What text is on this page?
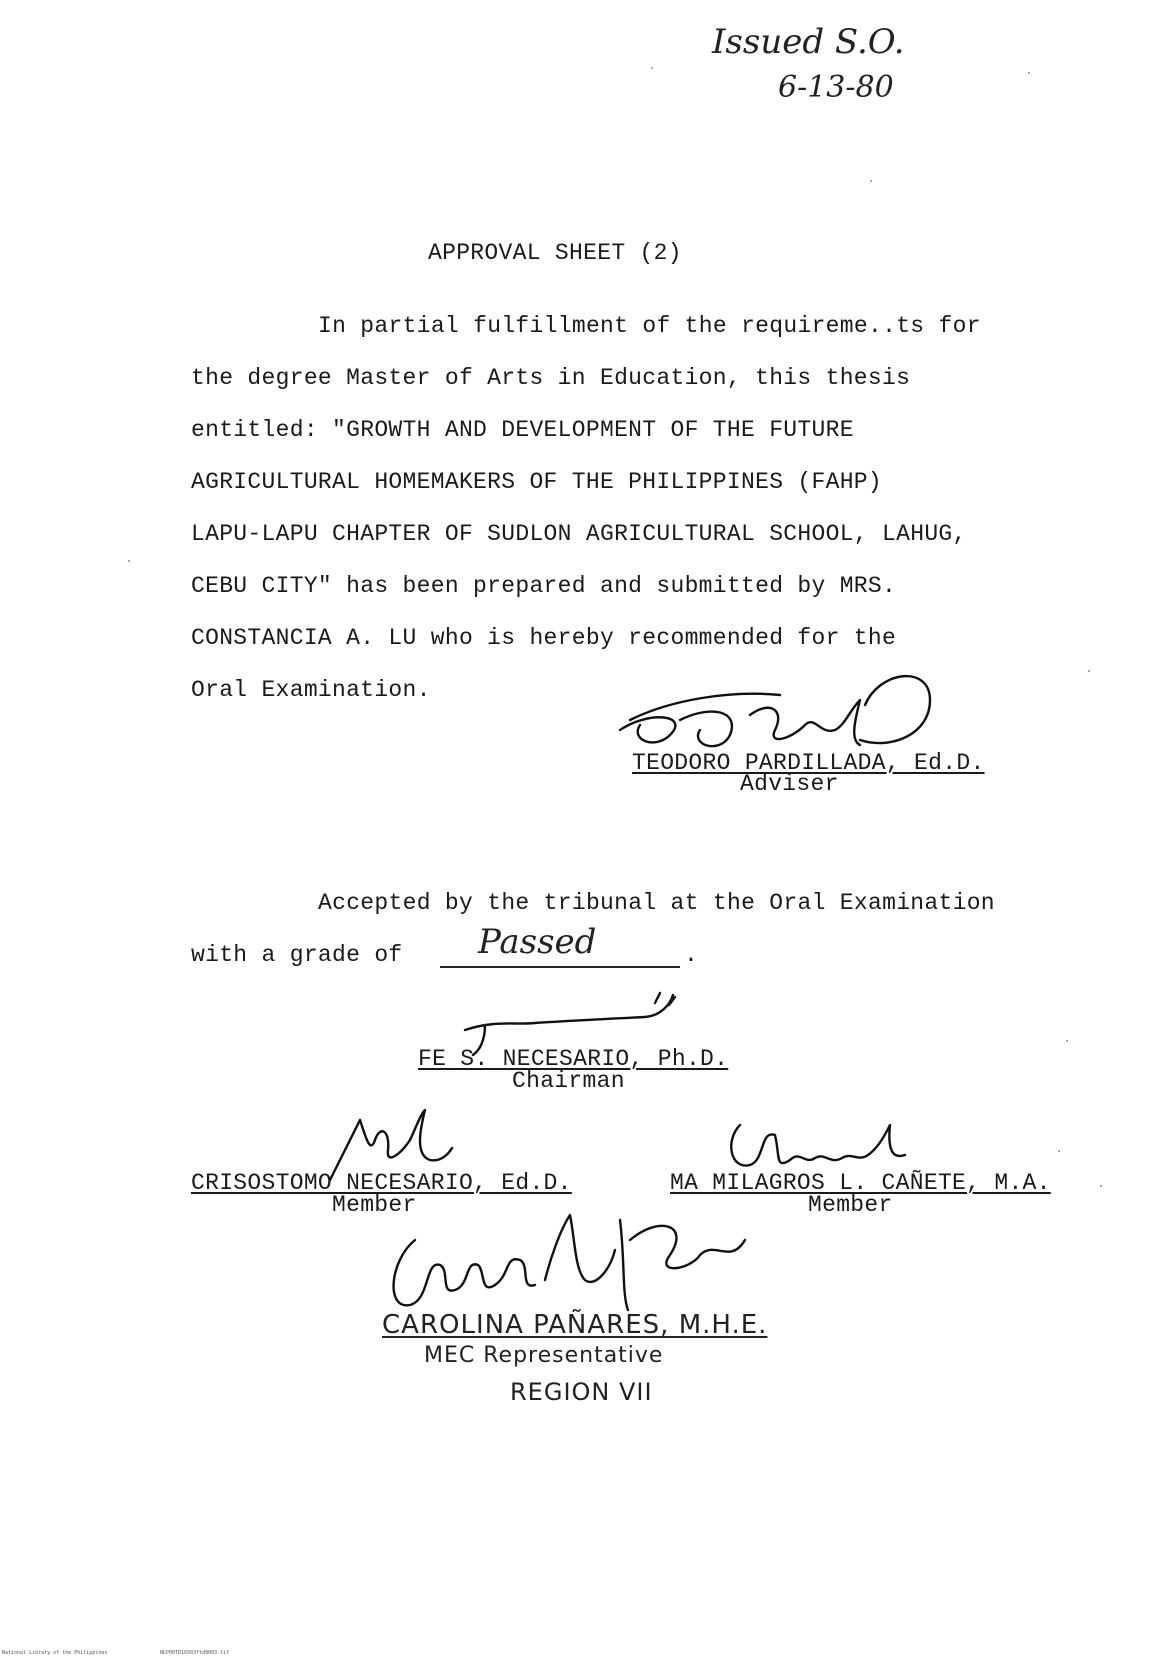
Issued S.O.
6-13-80
APPROVAL SHEET (2)
In partial fulfillment of the requireme..ts for
the degree Master of Arts in Education, this thesis
entitled: "GROWTH AND DEVELOPMENT OF THE FUTURE
AGRICULTURAL HOMEMAKERS OF THE PHILIPPINES (FAHP)
LAPU-LAPU CHAPTER OF SUDLON AGRICULTURAL SCHOOL, LAHUG,
CEBU CITY" has been prepared and submitted by MRS.
CONSTANCIA A. LU who is hereby recommended for the
Oral Examination.
TEODORO PARDILLADA, Ed.D.
Adviser
Accepted by the tribunal at the Oral Examination
with a grade of Passed	.
FE S. NECESARIO, Ph.D.
Chairman
CRISOSTOMO NECESARIO, Ed.D.
Member
MA MILAGROS L. CAÑETE, M.A.
Member
CAROLINA PAÑARES, M.H.E.
MEC Representative
REGION VII
National Library of the Philippines	NLP00TD16503ftd0003.tif
